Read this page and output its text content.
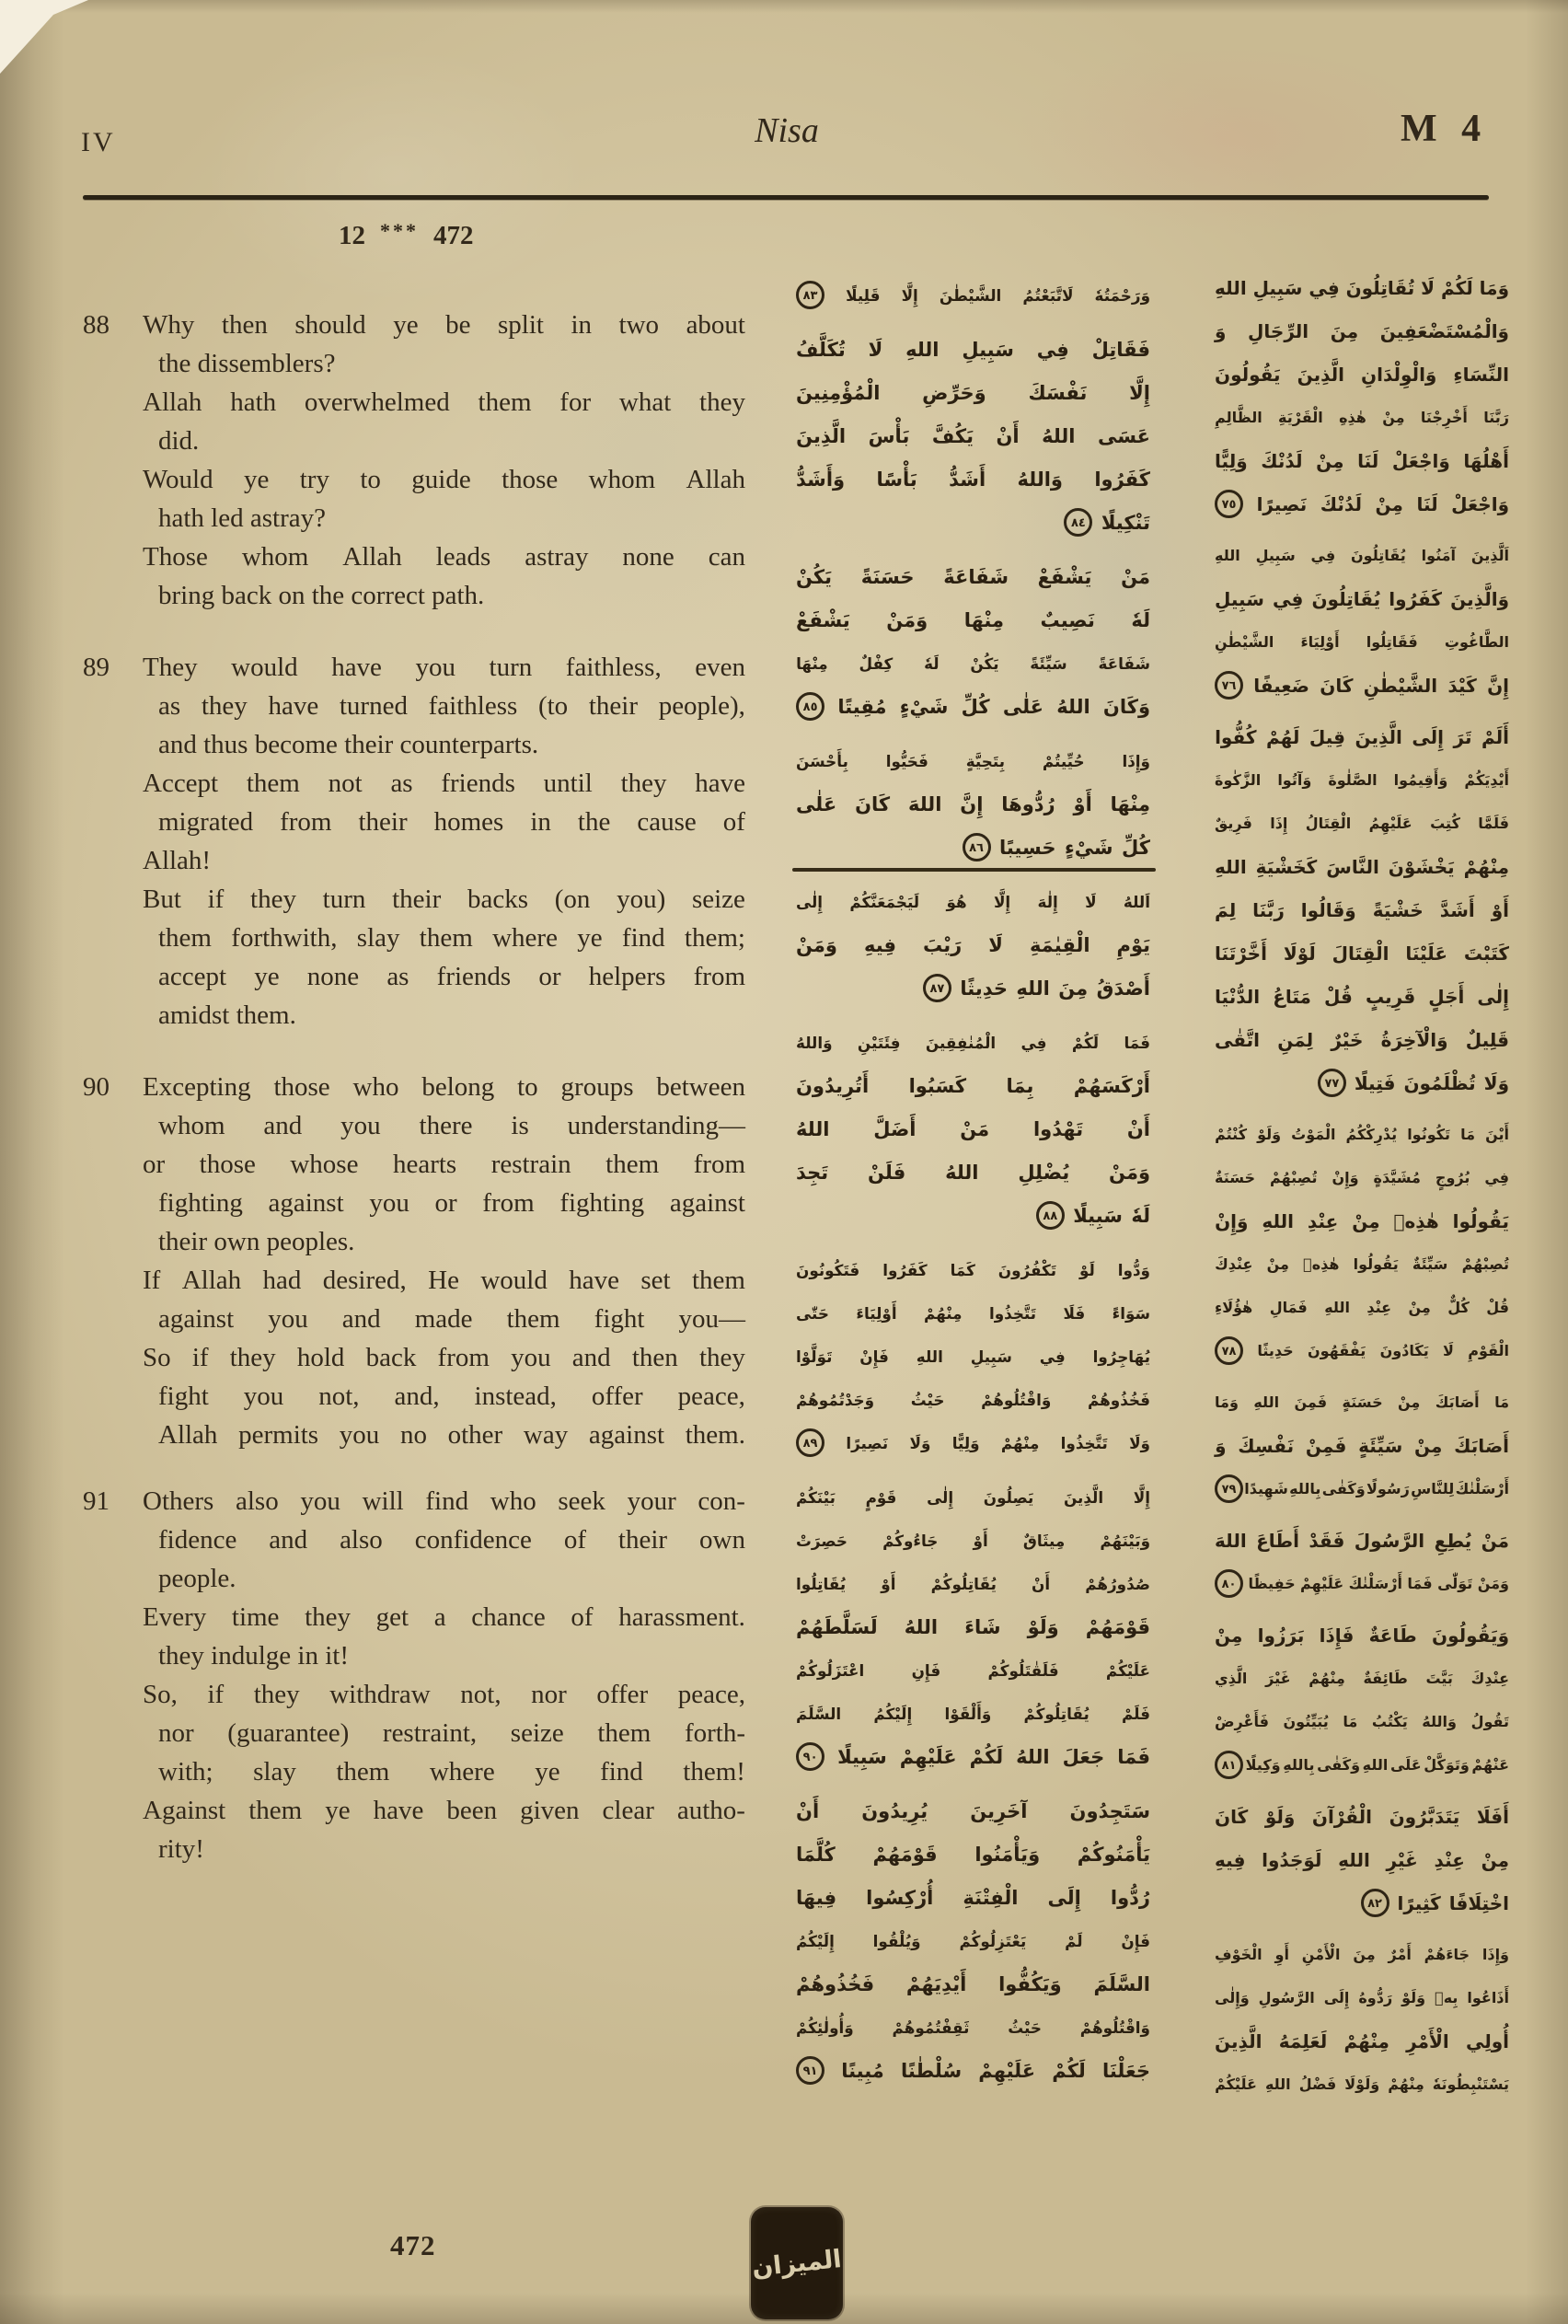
IV	Nisa	M 4
12 *** 472
88 Why then should ye be split in two about
the dissemblers?
Allah hath overwhelmed them for what they
did.
Would ye try to guide those whom Allah
hath led astray?
Those whom Allah leads astray none can
bring back on the correct path.
89 They would have you turn faithless, even
as they have turned faithless (to their people),
and thus become their counterparts.
Accept them not as friends until they have
migrated from their homes in the cause of
Allah!
But if they turn their backs (on you) seize
them forthwith, slay them where ye find them;
accept ye none as friends or helpers from
amidst them.
90 Excepting those who belong to groups between
whom and you there is understanding—
or those whose hearts restrain them from
fighting against you or from fighting against
their own peoples.
If Allah had desired, He would have set them
against you and made them fight you—
So if they hold back from you and then they
fight you not, and, instead, offer peace,
Allah permits you no other way against them.
91 Others also you will find who seek your con-
fidence and also confidence of their own
people.
Every time they get a chance of harassment.
they indulge in it!
So, if they withdraw not, nor offer peace,
nor (guarantee) restraint, seize them forth-
with; slay them where ye find them!
Against them ye have been given clear autho-
rity!
وَرَحْمَتُهٗ
لَاتَّبَعْتُمُ
الشَّيْطٰنَ
إِلَّا
قَلِيلًا
٨٣
فَقَاتِلْ
فِي
سَبِيلِ
اللهِ
لَا
تُكَلَّفُ
إِلَّا
نَفْسَكَ
وَحَرِّضِ
الْمُؤْمِنِينَ
عَسَى
اللهُ
أَنْ
يَكُفَّ
بَأْسَ
الَّذِينَ
كَفَرُوا
وَاللهُ
أَشَدُّ
بَأْسًا
وَأَشَدُّ
تَنْكِيلًا
٨٤
مَنْ
يَشْفَعْ
شَفَاعَةً
حَسَنَةً
يَكُنْ
لَهٗ
نَصِيبٌ
مِنْهَا
وَمَنْ
يَشْفَعْ
شَفَاعَةً
سَيِّئَةً
يَكُنْ
لَهٗ
كِفْلٌ
مِنْهَا
وَكَانَ
اللهُ
عَلٰى
كُلِّ
شَيْءٍ
مُقِيتًا
٨٥
وَإِذَا
حُيِّيتُمْ
بِتَحِيَّةٍ
فَحَيُّوا
بِأَحْسَنَ
مِنْهَا
أَوْ
رُدُّوهَا
إِنَّ
اللهَ
كَانَ
عَلٰى
كُلِّ
شَيْءٍ
حَسِيبًا
٨٦
اَللهُ
لَا
إِلٰهَ
إِلَّا
هُوَ
لَيَجْمَعَنَّكُمْ
إِلٰى
يَوْمِ
الْقِيٰمَةِ
لَا
رَيْبَ
فِيهِ
وَمَنْ
أَصْدَقُ
مِنَ
اللهِ
حَدِيثًا
٨٧
فَمَا
لَكُمْ
فِي
الْمُنٰفِقِينَ
فِئَتَيْنِ
وَاللهُ
أَرْكَسَهُمْ
بِمَا
كَسَبُوا
أَتُرِيدُونَ
أَنْ
تَهْدُوا
مَنْ
أَضَلَّ
اللهُ
وَمَنْ
يُضْلِلِ
اللهُ
فَلَنْ
تَجِدَ
لَهٗ
سَبِيلًا
٨٨
وَدُّوا
لَوْ
تَكْفُرُونَ
كَمَا
كَفَرُوا
فَتَكُونُونَ
سَوَاءً
فَلَا
تَتَّخِذُوا
مِنْهُمْ
أَوْلِيَاءَ
حَتّٰى
يُهَاجِرُوا
فِي
سَبِيلِ
اللهِ
فَإِنْ
تَوَلَّوْا
فَخُذُوهُمْ
وَاقْتُلُوهُمْ
حَيْثُ
وَجَدْتُمُوهُمْ
وَلَا
تَتَّخِذُوا
مِنْهُمْ
وَلِيًّا
وَلَا
نَصِيرًا
٨٩
إِلَّا
الَّذِينَ
يَصِلُونَ
إِلٰى
قَوْمٍ
بَيْنَكُمْ
وَبَيْنَهُمْ
مِيثَاقٌ
أَوْ
جَاءُوكُمْ
حَصِرَتْ
صُدُورُهُمْ
أَنْ
يُقَاتِلُوكُمْ
أَوْ
يُقَاتِلُوا
قَوْمَهُمْ
وَلَوْ
شَاءَ
اللهُ
لَسَلَّطَهُمْ
عَلَيْكُمْ
فَلَقٰتَلُوكُمْ
فَإِنِ
اعْتَزَلُوكُمْ
فَلَمْ
يُقَاتِلُوكُمْ
وَأَلْقَوْا
إِلَيْكُمُ
السَّلَمَ
فَمَا
جَعَلَ
اللهُ
لَكُمْ
عَلَيْهِمْ
سَبِيلًا
٩٠
سَتَجِدُونَ
آخَرِينَ
يُرِيدُونَ
أَنْ
يَأْمَنُوكُمْ
وَيَأْمَنُوا
قَوْمَهُمْ
كُلَّمَا
رُدُّوا
إِلَى
الْفِتْنَةِ
أُرْكِسُوا
فِيهَا
فَإِنْ
لَمْ
يَعْتَزِلُوكُمْ
وَيُلْقُوا
إِلَيْكُمُ
السَّلَمَ
وَيَكُفُّوا
أَيْدِيَهُمْ
فَخُذُوهُمْ
وَاقْتُلُوهُمْ
حَيْثُ
ثَقِفْتُمُوهُمْ
وَأُولٰئِكُمْ
جَعَلْنَا
لَكُمْ
عَلَيْهِمْ
سُلْطٰنًا
مُبِينًا
٩١
وَمَا
لَكُمْ
لَا
تُقَاتِلُونَ
فِي
سَبِيلِ
اللهِ
وَالْمُسْتَضْعَفِينَ
مِنَ
الرِّجَالِ
وَ
النِّسَاءِ
وَالْوِلْدَانِ
الَّذِينَ
يَقُولُونَ
رَبَّنَا
أَخْرِجْنَا
مِنْ
هٰذِهِ
الْقَرْيَةِ
الظَّالِمِ
أَهْلُهَا
وَاجْعَلْ
لَنَا
مِنْ
لَدُنْكَ
وَلِيًّا
وَاجْعَلْ
لَنَا
مِنْ
لَدُنْكَ
نَصِيرًا
٧٥
اَلَّذِينَ
آمَنُوا
يُقَاتِلُونَ
فِي
سَبِيلِ
اللهِ
وَالَّذِينَ
كَفَرُوا
يُقَاتِلُونَ
فِي
سَبِيلِ
الطَّاغُوتِ
فَقَاتِلُوا
أَوْلِيَاءَ
الشَّيْطٰنِ
إِنَّ
كَيْدَ
الشَّيْطٰنِ
كَانَ
ضَعِيفًا
٧٦
أَلَمْ
تَرَ
إِلَى
الَّذِينَ
قِيلَ
لَهُمْ
كُفُّوا
أَيْدِيَكُمْ
وَأَقِيمُوا
الصَّلٰوةَ
وَآتُوا
الزَّكٰوةَ
فَلَمَّا
كُتِبَ
عَلَيْهِمُ
الْقِتَالُ
إِذَا
فَرِيقٌ
مِنْهُمْ
يَخْشَوْنَ
النَّاسَ
كَخَشْيَةِ
اللهِ
أَوْ
أَشَدَّ
خَشْيَةً
وَقَالُوا
رَبَّنَا
لِمَ
كَتَبْتَ
عَلَيْنَا
الْقِتَالَ
لَوْلَا
أَخَّرْتَنَا
إِلٰى
أَجَلٍ
قَرِيبٍ
قُلْ
مَتَاعُ
الدُّنْيَا
قَلِيلٌ
وَالْآخِرَةُ
خَيْرٌ
لِمَنِ
اتَّقٰى
وَلَا
تُظْلَمُونَ
فَتِيلًا
٧٧
أَيْنَ
مَا
تَكُونُوا
يُدْرِكْكُمُ
الْمَوْتُ
وَلَوْ
كُنْتُمْ
فِي
بُرُوجٍ
مُشَيَّدَةٍ
وَإِنْ
تُصِبْهُمْ
حَسَنَةٌ
يَقُولُوا
هٰذِهٖ
مِنْ
عِنْدِ
اللهِ
وَإِنْ
تُصِبْهُمْ
سَيِّئَةٌ
يَقُولُوا
هٰذِهٖ
مِنْ
عِنْدِكَ
قُلْ
كُلٌّ
مِنْ
عِنْدِ
اللهِ
فَمَالِ
هٰؤُلَاءِ
الْقَوْمِ
لَا
يَكَادُونَ
يَفْقَهُونَ
حَدِيثًا
٧٨
مَا
أَصَابَكَ
مِنْ
حَسَنَةٍ
فَمِنَ
اللهِ
وَمَا
أَصَابَكَ
مِنْ
سَيِّئَةٍ
فَمِنْ
نَفْسِكَ
وَ
أَرْسَلْنٰكَ
لِلنَّاسِ
رَسُولًا
وَكَفٰى
بِاللهِ
شَهِيدًا
٧٩
مَنْ
يُطِعِ
الرَّسُولَ
فَقَدْ
أَطَاعَ
اللهَ
وَمَنْ
تَوَلّٰى
فَمَا
أَرْسَلْنٰكَ
عَلَيْهِمْ
حَفِيظًا
٨٠
وَيَقُولُونَ
طَاعَةٌ
فَإِذَا
بَرَزُوا
مِنْ
عِنْدِكَ
بَيَّتَ
طَائِفَةٌ
مِنْهُمْ
غَيْرَ
الَّذِي
تَقُولُ
وَاللهُ
يَكْتُبُ
مَا
يُبَيِّتُونَ
فَأَعْرِضْ
عَنْهُمْ
وَتَوَكَّلْ
عَلَى
اللهِ
وَكَفٰى
بِاللهِ
وَكِيلًا
٨١
أَفَلَا
يَتَدَبَّرُونَ
الْقُرْآنَ
وَلَوْ
كَانَ
مِنْ
عِنْدِ
غَيْرِ
اللهِ
لَوَجَدُوا
فِيهِ
اخْتِلَافًا
كَثِيرًا
٨٢
وَإِذَا
جَاءَهُمْ
أَمْرٌ
مِنَ
الْأَمْنِ
أَوِ
الْخَوْفِ
أَذَاعُوا
بِهٖ
وَلَوْ
رَدُّوهُ
إِلَى
الرَّسُولِ
وَإِلٰى
أُولِي
الْأَمْرِ
مِنْهُمْ
لَعَلِمَهُ
الَّذِينَ
يَسْتَنْبِطُونَهٗ
مِنْهُمْ
وَلَوْلَا
فَضْلُ
اللهِ
عَلَيْكُمْ
472	الميزان
